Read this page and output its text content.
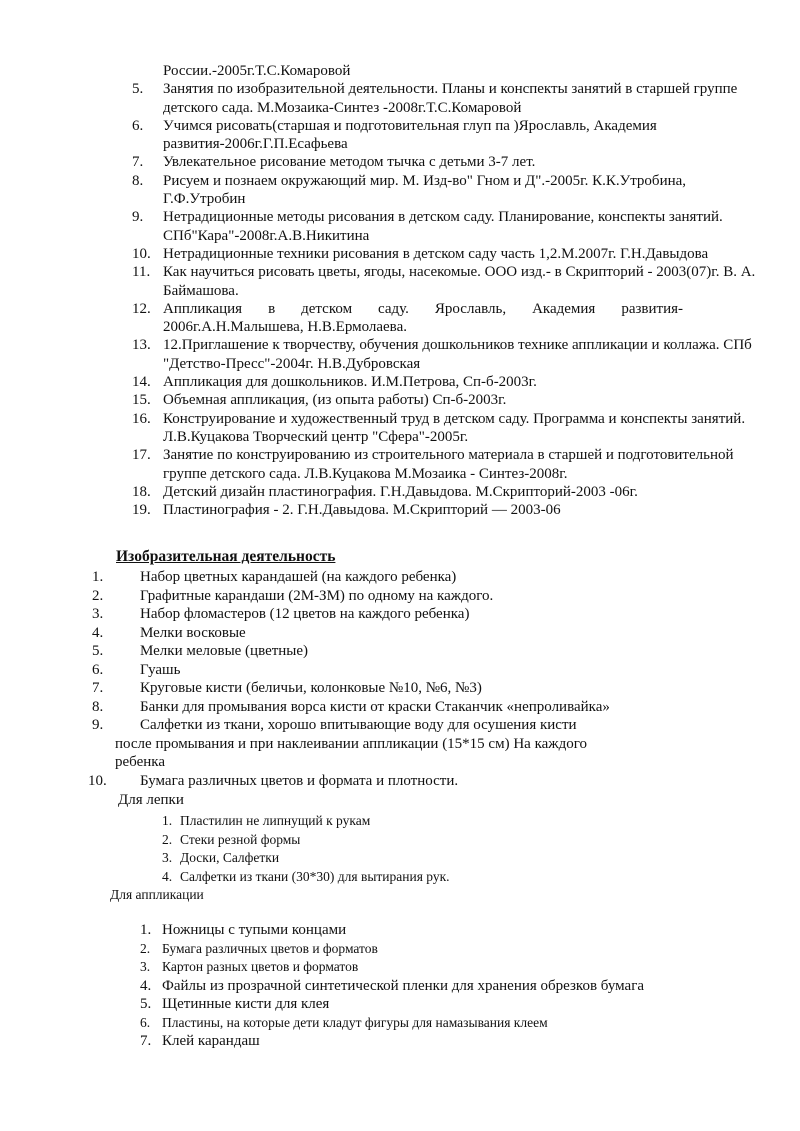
России.-2005г.Т.С.Комаровой
5.	Занятия по изобразительной деятельности. Планы и конспекты занятий в старшей группе детского сада. М.Мозаика-Синтез -2008г.Т.С.Комаровой
6.	Учимся рисовать(старшая и подготовительная глуп па )Ярославль, Академия развития-2006г.Г.П.Есафьева
7.	Увлекательное рисование методом тычка с детьми 3-7 лет.
8.	Рисуем и познаем окружающий мир. М. Изд-во" Гном и Д".-2005г. К.К.Утробина, Г.Ф.Утробин
9.	Нетрадиционные методы рисования в детском саду. Планирование, конспекты занятий. СПб"Кара"-2008г.А.В.Никитина
10. Нетрадиционные техники рисования в детском саду часть 1,2.М.2007г. Г.Н.Давыдова
11. Как научиться рисовать цветы, ягоды, насекомые. ООО изд.- в Скрипторий - 2003(07)г. В. А. Баймашова.
12. Аппликация в детском саду. Ярославль, Академия развития- 2006г.А.Н.Малышева, Н.В.Ермолаева.
13. 12.Приглашение к творчеству, обучения дошкольников технике аппликации и коллажа. СПб "Детство-Пресс"-2004г. Н.В.Дубровская
14. Аппликация для дошкольников. И.М.Петрова, Сп-б-2003г.
15. Объемная аппликация, (из опыта работы) Сп-б-2003г.
16. Конструирование и художественный труд в детском саду. Программа и конспекты занятий. Л.В.Куцакова Творческий центр "Сфера"-2005г.
17. Занятие по конструированию из строительного материала в старшей и подготовительной группе детского сада. Л.В.Куцакова М.Мозаика - Синтез-2008г.
18. Детский дизайн пластинография. Г.Н.Давыдова. М.Скрипторий-2003 -06г.
19. Пластинография - 2. Г.Н.Давыдова. М.Скрипторий — 2003-06
Изобразительная деятельность
1. Набор цветных карандашей (на каждого ребенка)
2. Графитные карандаши (2М-ЗМ) по одному на каждого.
3. Набор фломастеров (12 цветов на каждого ребенка)
4. Мелки восковые
5. Мелки меловые (цветные)
6. Гуашь
7. Круговые кисти (беличьи, колонковые №10, №6, №3)
8. Банки для промывания ворса кисти от краски Стаканчик «непроливайка»
9. Салфетки из ткани, хорошо впитывающие воду для осушения кисти
после промывания и при наклеивании аппликации (15*15 см) На каждого ребенка
10. Бумага различных цветов и формата и плотности.
Для лепки
1. Пластилин не липнущий к рукам
2. Стеки резной формы
3. Доски, Салфетки
4. Салфетки из ткани (30*30) для вытирания рук.
Для аппликации
1. Ножницы с тупыми концами
2. Бумага различных цветов и форматов
3. Картон разных цветов и форматов
4. Файлы из прозрачной синтетической пленки для хранения обрезков бумага
5. Щетинные кисти для клея
6. Пластины, на которые дети кладут фигуры для намазывания клеем
7. Клей карандаш
